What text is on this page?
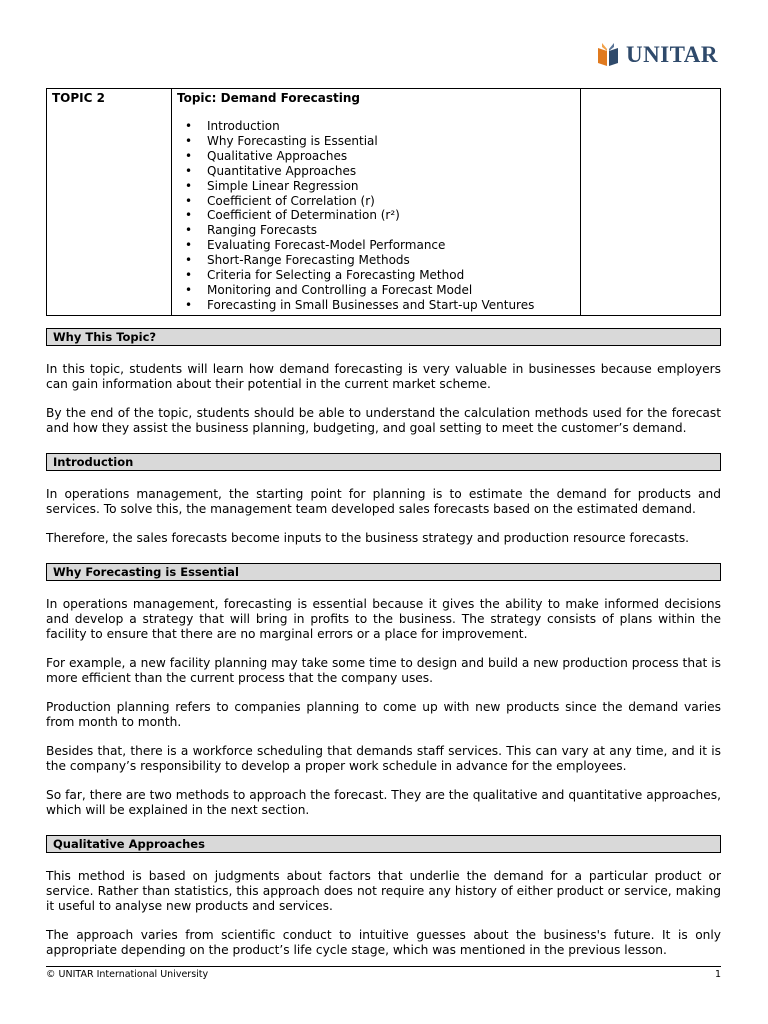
UNITAR
TOPIC 2	Topic: Demand Forecasting
• Introduction
• Why Forecasting is Essential
• Qualitative Approaches
• Quantitative Approaches
• Simple Linear Regression
• Coefficient of Correlation (r)
• Coefficient of Determination (r²)
• Ranging Forecasts
• Evaluating Forecast-Model Performance
• Short-Range Forecasting Methods
• Criteria for Selecting a Forecasting Method
• Monitoring and Controlling a Forecast Model
• Forecasting in Small Businesses and Start-up Ventures

Why This Topic?

In this topic, students will learn how demand forecasting is very valuable in businesses because employers can gain information about their potential in the current market scheme.

By the end of the topic, students should be able to understand the calculation methods used for the forecast and how they assist the business planning, budgeting, and goal setting to meet the customer’s demand.

Introduction

In operations management, the starting point for planning is to estimate the demand for products and services. To solve this, the management team developed sales forecasts based on the estimated demand.

Therefore, the sales forecasts become inputs to the business strategy and production resource forecasts.

Why Forecasting is Essential

In operations management, forecasting is essential because it gives the ability to make informed decisions and develop a strategy that will bring in profits to the business. The strategy consists of plans within the facility to ensure that there are no marginal errors or a place for improvement.

For example, a new facility planning may take some time to design and build a new production process that is more efficient than the current process that the company uses.

Production planning refers to companies planning to come up with new products since the demand varies from month to month.

Besides that, there is a workforce scheduling that demands staff services. This can vary at any time, and it is the company’s responsibility to develop a proper work schedule in advance for the employees.

So far, there are two methods to approach the forecast. They are the qualitative and quantitative approaches, which will be explained in the next section.

Qualitative Approaches

This method is based on judgments about factors that underlie the demand for a particular product or service. Rather than statistics, this approach does not require any history of either product or service, making it useful to analyse new products and services.

The approach varies from scientific conduct to intuitive guesses about the business's future. It is only appropriate depending on the product’s life cycle stage, which was mentioned in the previous lesson.

© UNITAR International University	1
